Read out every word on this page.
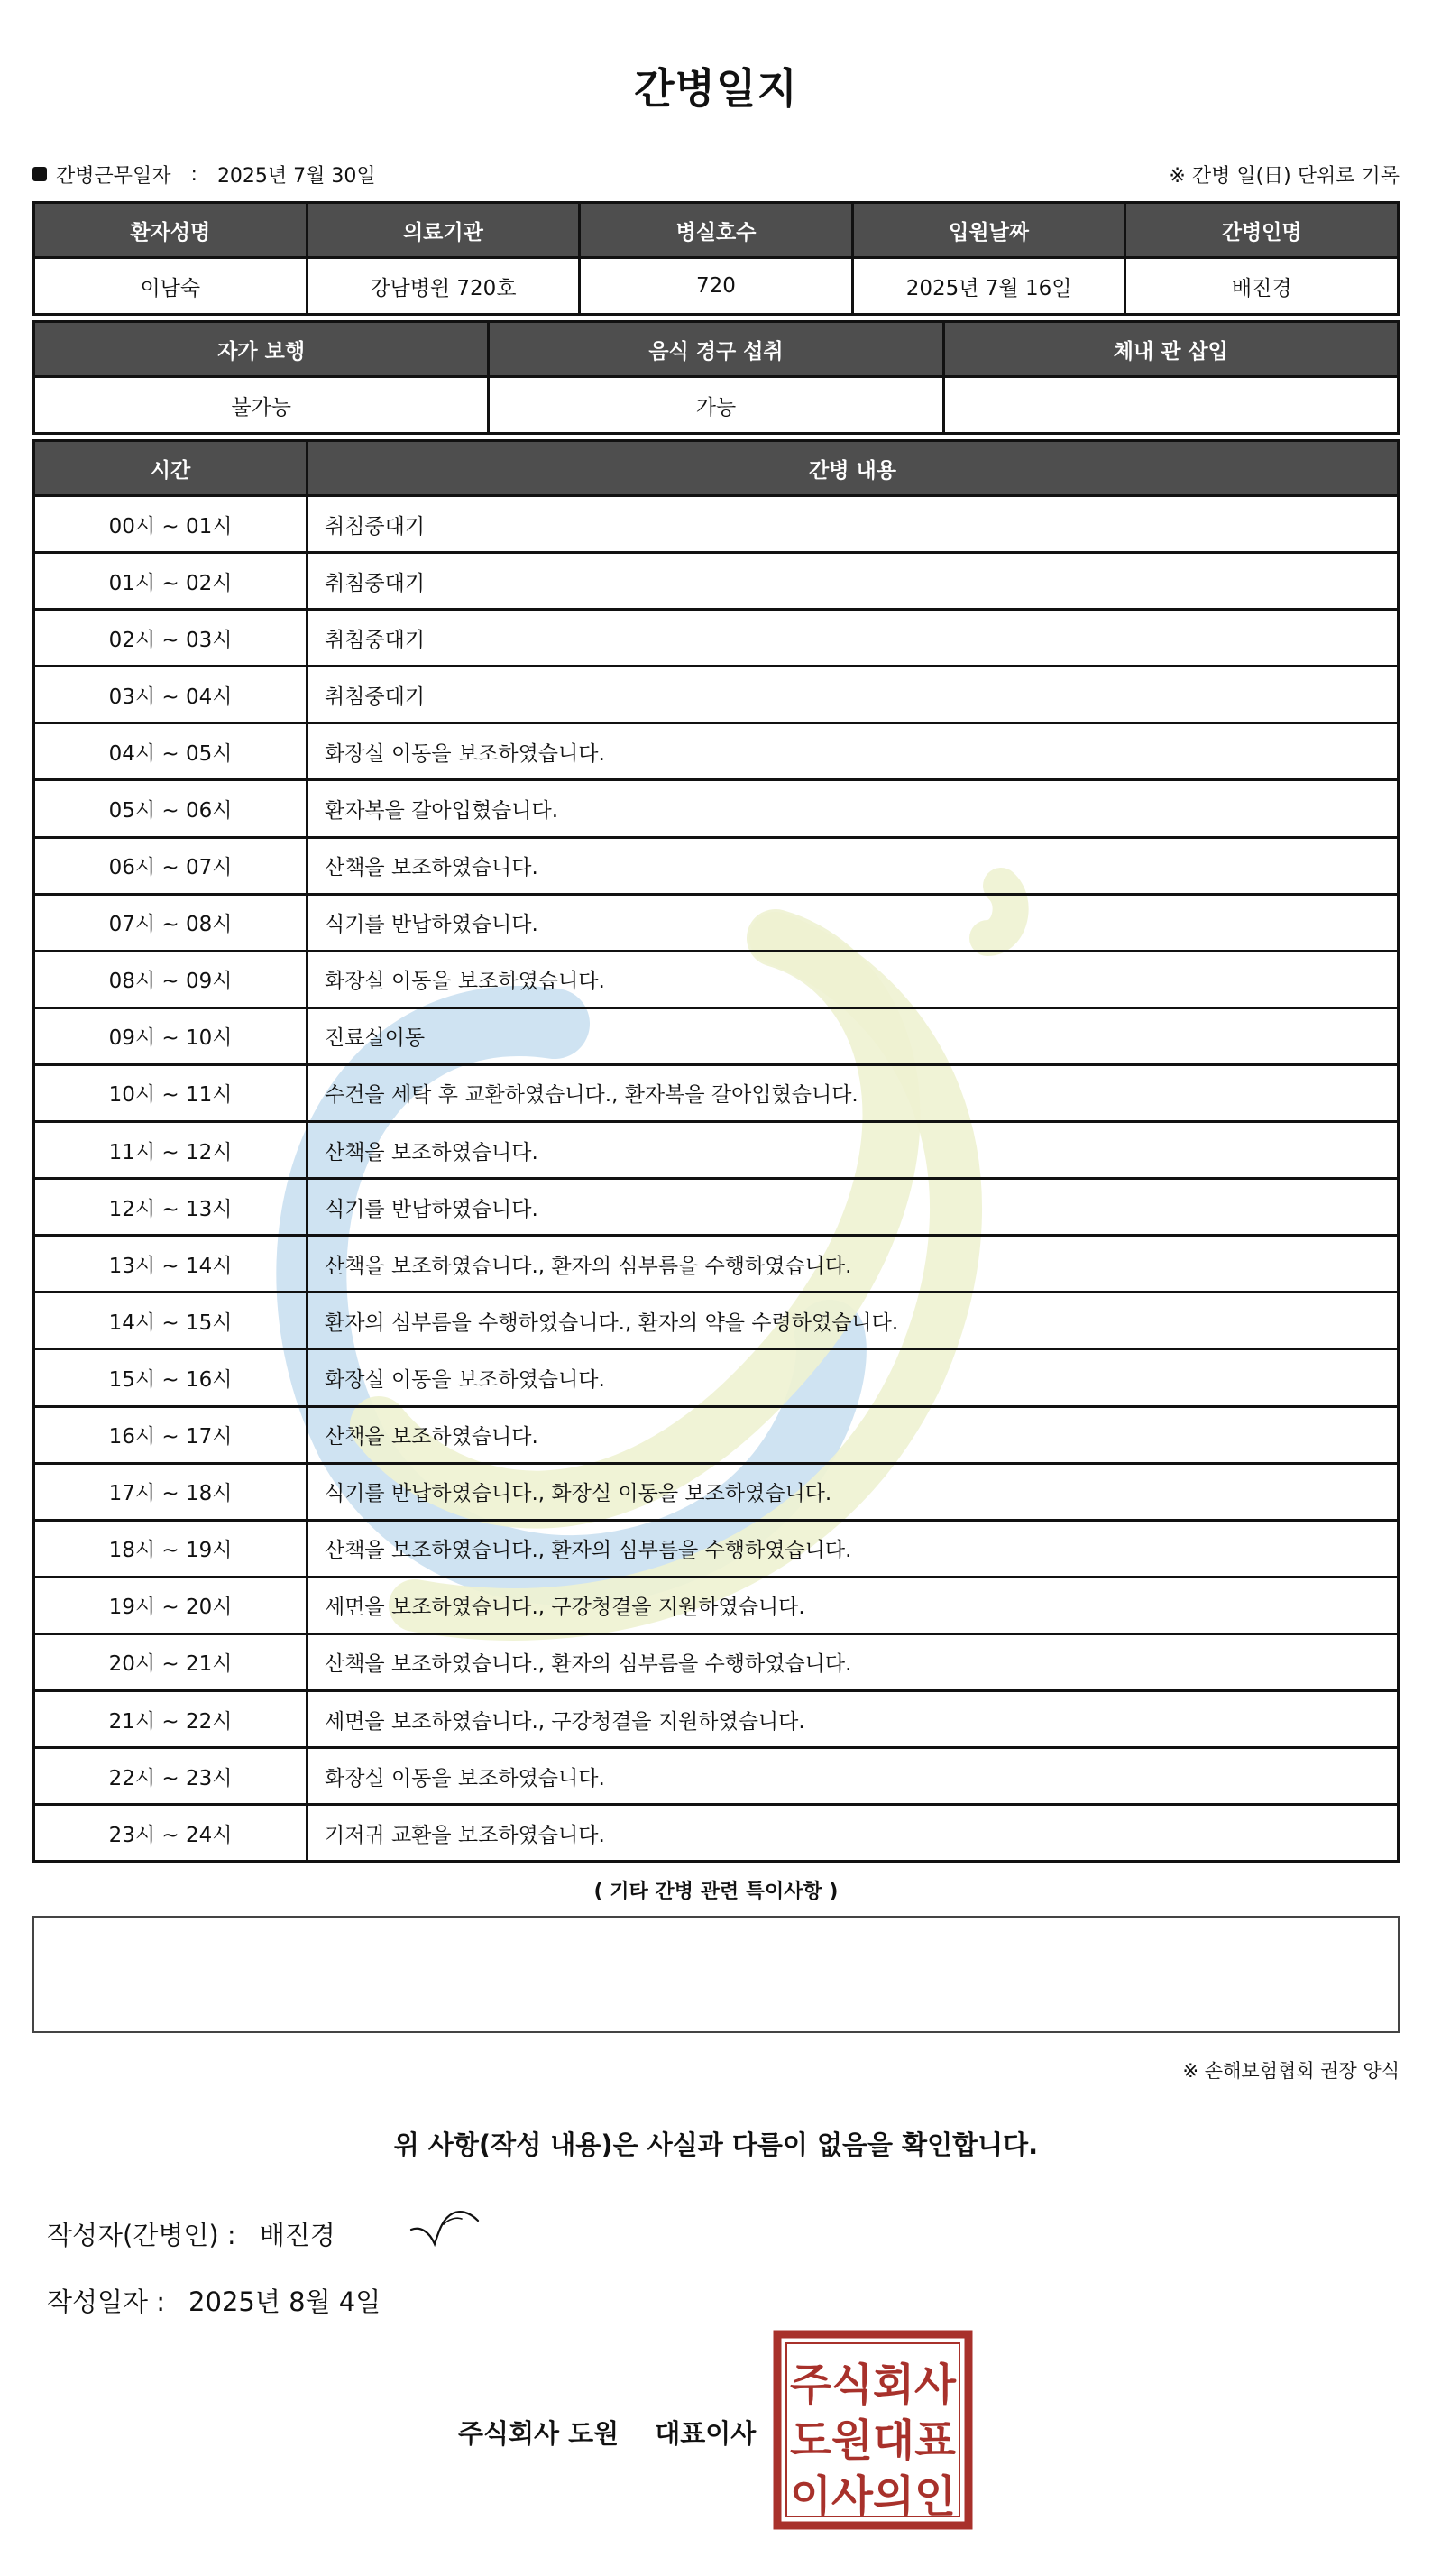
간병일지
간병근무일자 : 2025년 7월 30일	※ 간병 일(日) 단위로 기록
환자성명	의료기관	병실호수	입원날짜	간병인명
이남숙	강남병원 720호	720	2025년 7월 16일	배진경
자가 보행	음식 경구 섭취	체내 관 삽입
불가능	가능	
시간	간병 내용
00시 ~ 01시	취침중대기
01시 ~ 02시	취침중대기
02시 ~ 03시	취침중대기
03시 ~ 04시	취침중대기
04시 ~ 05시	화장실 이동을 보조하였습니다.
05시 ~ 06시	환자복을 갈아입혔습니다.
06시 ~ 07시	산책을 보조하였습니다.
07시 ~ 08시	식기를 반납하였습니다.
08시 ~ 09시	화장실 이동을 보조하였습니다.
09시 ~ 10시	진료실이동
10시 ~ 11시	수건을 세탁 후 교환하였습니다., 환자복을 갈아입혔습니다.
11시 ~ 12시	산책을 보조하였습니다.
12시 ~ 13시	식기를 반납하였습니다.
13시 ~ 14시	산책을 보조하였습니다., 환자의 심부름을 수행하였습니다.
14시 ~ 15시	환자의 심부름을 수행하였습니다., 환자의 약을 수령하였습니다.
15시 ~ 16시	화장실 이동을 보조하였습니다.
16시 ~ 17시	산책을 보조하였습니다.
17시 ~ 18시	식기를 반납하였습니다., 화장실 이동을 보조하였습니다.
18시 ~ 19시	산책을 보조하였습니다., 환자의 심부름을 수행하였습니다.
19시 ~ 20시	세면을 보조하였습니다., 구강청결을 지원하였습니다.
20시 ~ 21시	산책을 보조하였습니다., 환자의 심부름을 수행하였습니다.
21시 ~ 22시	세면을 보조하였습니다., 구강청결을 지원하였습니다.
22시 ~ 23시	화장실 이동을 보조하였습니다.
23시 ~ 24시	기저귀 교환을 보조하였습니다.
( 기타 간병 관련 특이사항 )
※ 손해보험협회 권장 양식
위 사항(작성 내용)은 사실과 다름이 없음을 확인합니다.
작성자(간병인) : 배진경
작성일자 : 2025년 8월 4일
주식회사 도원 대표이사
주식회사
도원대표
이사의인
